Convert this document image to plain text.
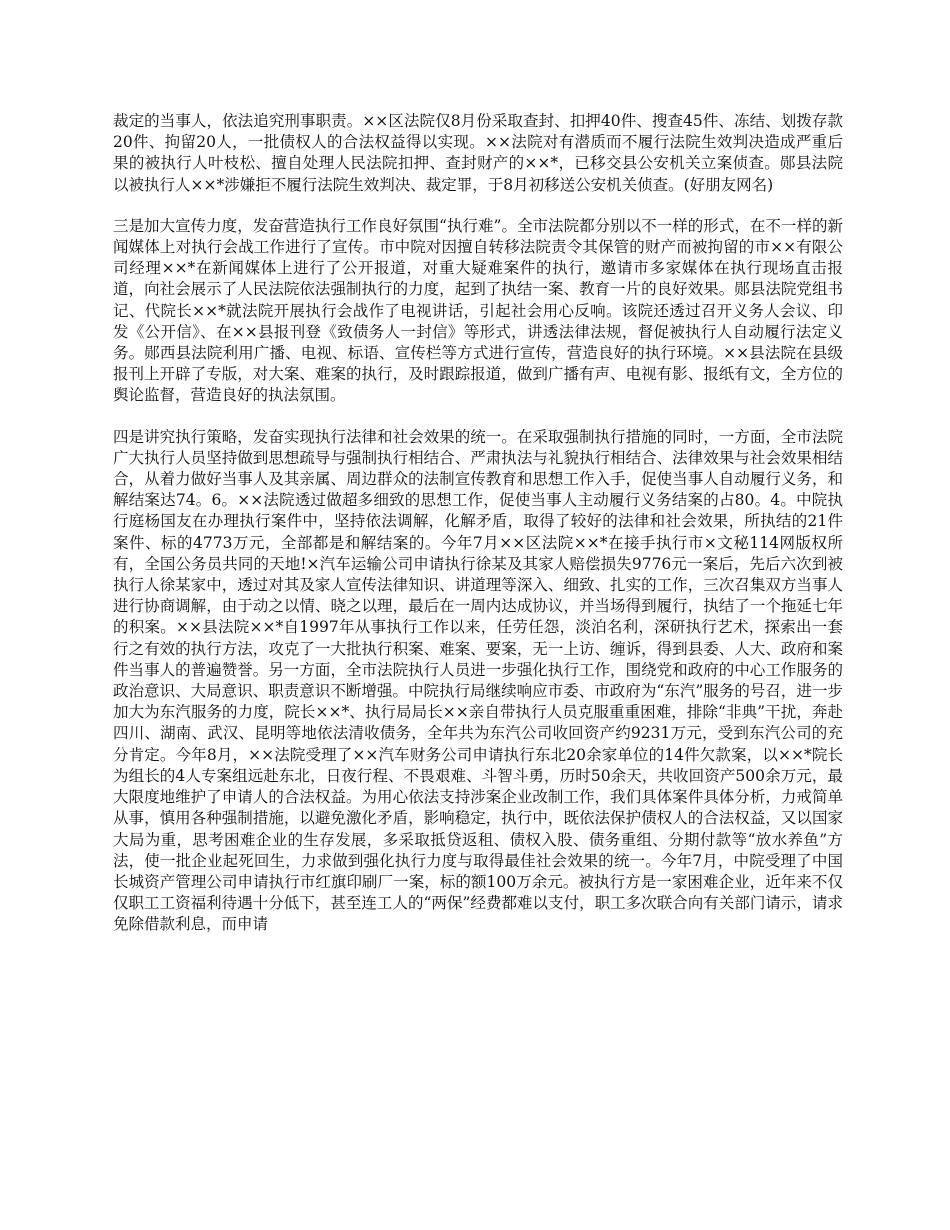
裁定的当事人，依法追究刑事职责。××区法院仅8月份采取查封、扣押40件、搜查45件、冻结、划拨存款20件、拘留20人，一批债权人的合法权益得以实现。××法院对有潜质而不履行法院生效判决造成严重后果的被执行人叶枝松、擅自处理人民法院扣押、查封财产的××*，已移交县公安机关立案侦查。郧县法院以被执行人××*涉嫌拒不履行法院生效判决、裁定罪，于8月初移送公安机关侦查。(好朋友网名)

三是加大宣传力度，发奋营造执行工作良好氛围“执行难”。全市法院都分别以不一样的形式，在不一样的新闻媒体上对执行会战工作进行了宣传。市中院对因擅自转移法院责令其保管的财产而被拘留的市××有限公司经理××*在新闻媒体上进行了公开报道，对重大疑难案件的执行，邀请市多家媒体在执行现场直击报道，向社会展示了人民法院依法强制执行的力度，起到了执结一案、教育一片的良好效果。郧县法院党组书记、代院长××*就法院开展执行会战作了电视讲话，引起社会用心反响。该院还透过召开义务人会议、印发《公开信》、在××县报刊登《致债务人一封信》等形式，讲透法律法规，督促被执行人自动履行法定义务。郧西县法院利用广播、电视、标语、宣传栏等方式进行宣传，营造良好的执行环境。××县法院在县级报刊上开辟了专版，对大案、难案的执行，及时跟踪报道，做到广播有声、电视有影、报纸有文，全方位的舆论监督，营造良好的执法氛围。

四是讲究执行策略，发奋实现执行法律和社会效果的统一。在采取强制执行措施的同时，一方面，全市法院广大执行人员坚持做到思想疏导与强制执行相结合、严肃执法与礼貌执行相结合、法律效果与社会效果相结合，从着力做好当事人及其亲属、周边群众的法制宣传教育和思想工作入手，促使当事人自动履行义务，和解结案达74。6。××法院透过做超多细致的思想工作，促使当事人主动履行义务结案的占80。4。中院执行庭杨国友在办理执行案件中，坚持依法调解，化解矛盾，取得了较好的法律和社会效果，所执结的21件案件、标的4773万元，全部都是和解结案的。今年7月××区法院××*在接手执行市×文秘114网版权所有，全国公务员共同的天地!×汽车运输公司申请执行徐某及其家人赔偿损失9776元一案后，先后六次到被执行人徐某家中，透过对其及家人宣传法律知识、讲道理等深入、细致、扎实的工作，三次召集双方当事人进行协商调解，由于动之以情、晓之以理，最后在一周内达成协议，并当场得到履行，执结了一个拖延七年的积案。××县法院××*自1997年从事执行工作以来，任劳任怨，淡泊名利，深研执行艺术，探索出一套行之有效的执行方法，攻克了一大批执行积案、难案、要案，无一上访、缠诉，得到县委、人大、政府和案件当事人的普遍赞誉。另一方面，全市法院执行人员进一步强化执行工作，围绕党和政府的中心工作服务的政治意识、大局意识、职责意识不断增强。中院执行局继续响应市委、市政府为“东汽”服务的号召，进一步加大为东汽服务的力度，院长××*、执行局局长××亲自带执行人员克服重重困难，排除“非典”干扰，奔赴四川、湖南、武汉、昆明等地依法清收债务，全年共为东汽公司收回资产约9231万元，受到东汽公司的充分肯定。今年8月，××法院受理了××汽车财务公司申请执行东北20余家单位的14件欠款案，以××*院长为组长的4人专案组远赴东北，日夜行程、不畏艰难、斗智斗勇，历时50余天，共收回资产500余万元，最大限度地维护了申请人的合法权益。为用心依法支持涉案企业改制工作，我们具体案件具体分析，力戒简单从事，慎用各种强制措施，以避免激化矛盾，影响稳定，执行中，既依法保护债权人的合法权益，又以国家大局为重，思考困难企业的生存发展，多采取抵贷返租、债权入股、债务重组、分期付款等“放水养鱼”方法，使一批企业起死回生，力求做到强化执行力度与取得最佳社会效果的统一。今年7月，中院受理了中国长城资产管理公司申请执行市红旗印刷厂一案，标的额100万余元。被执行方是一家困难企业，近年来不仅仅职工工资福利待遇十分低下，甚至连工人的“两保”经费都难以支付，职工多次联合向有关部门请示，请求免除借款利息，而申请
